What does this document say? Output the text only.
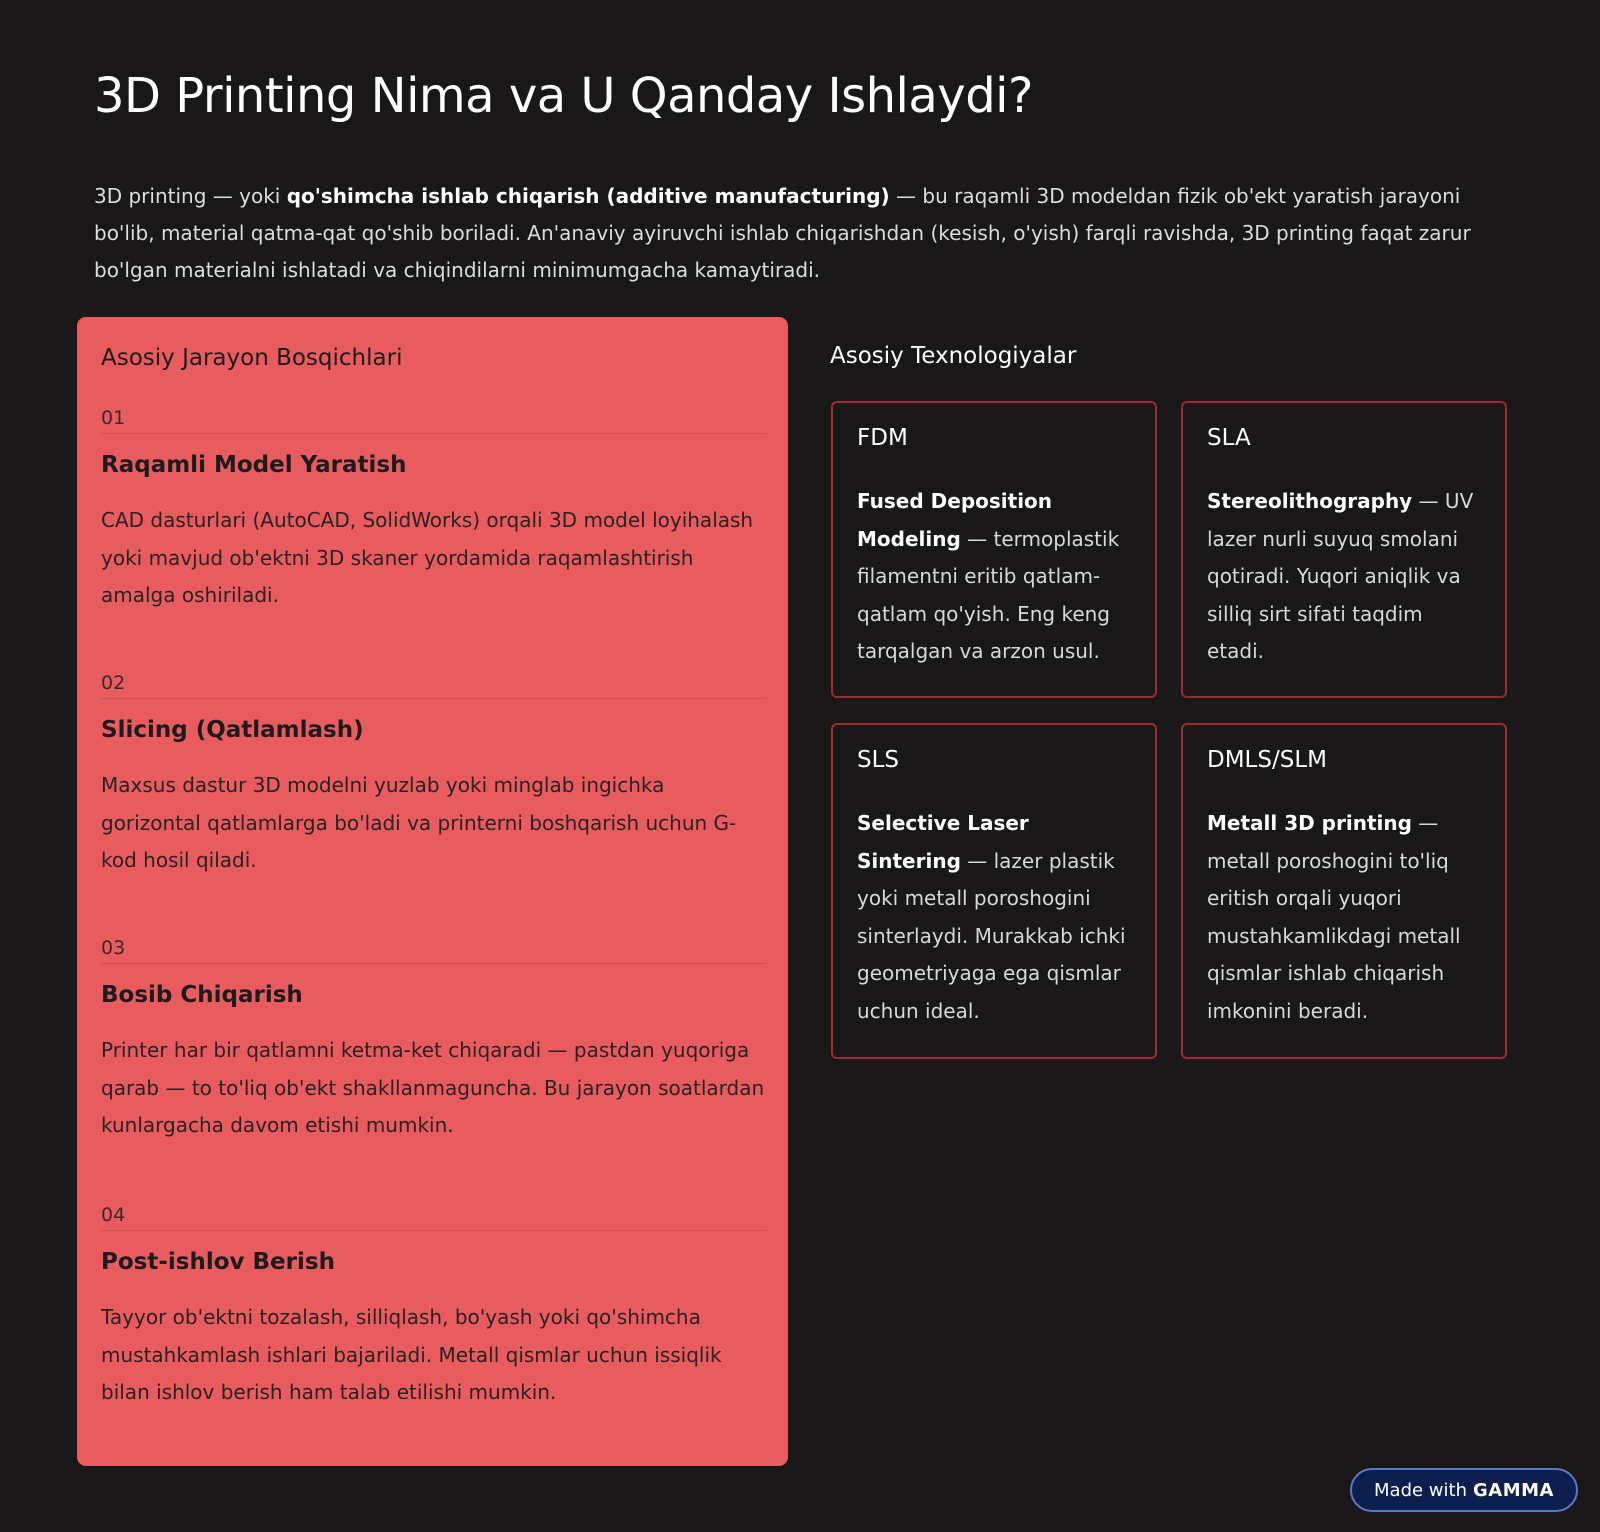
3D Printing Nima va U Qanday Ishlaydi?

3D printing — yoki qo'shimcha ishlab chiqarish (additive manufacturing) — bu raqamli 3D modeldan fizik ob'ekt yaratish jarayoni bo'lib, material qatma-qat qo'shib boriladi. An'anaviy ayiruvchi ishlab chiqarishdan (kesish, o'yish) farqli ravishda, 3D printing faqat zarur bo'lgan materialni ishlatadi va chiqindilarni minimumgacha kamaytiradi.

Asosiy Jarayon Bosqichlari
01
Raqamli Model Yaratish
CAD dasturlari (AutoCAD, SolidWorks) orqali 3D model loyihalash yoki mavjud ob'ektni 3D skaner yordamida raqamlashtirish amalga oshiriladi.
02
Slicing (Qatlamlash)
Maxsus dastur 3D modelni yuzlab yoki minglab ingichka gorizontal qatlamlarga bo'ladi va printerni boshqarish uchun G-kod hosil qiladi.
03
Bosib Chiqarish
Printer har bir qatlamni ketma-ket chiqaradi — pastdan yuqoriga qarab — to to'liq ob'ekt shakllanmaguncha. Bu jarayon soatlardan kunlargacha davom etishi mumkin.
04
Post-ishlov Berish
Tayyor ob'ektni tozalash, silliqlash, bo'yash yoki qo'shimcha mustahkamlash ishlari bajariladi. Metall qismlar uchun issiqlik bilan ishlov berish ham talab etilishi mumkin.
Asosiy Texnologiyalar
FDM
Fused Deposition Modeling — termoplastik filamentni eritib qatlam-qatlam qo'yish. Eng keng tarqalgan va arzon usul.
SLA
Stereolithography — UV lazer nurli suyuq smolani qotiradi. Yuqori aniqlik va silliq sirt sifati taqdim etadi.
SLS
Selective Laser Sintering — lazer plastik yoki metall poroshogini sinterlaydi. Murakkab ichki geometriyaga ega qismlar uchun ideal.
DMLS/SLM
Metall 3D printing — metall poroshogini to'liq eritish orqali yuqori mustahkamlikdagi metall qismlar ishlab chiqarish imkonini beradi.
Made with GAMMA
